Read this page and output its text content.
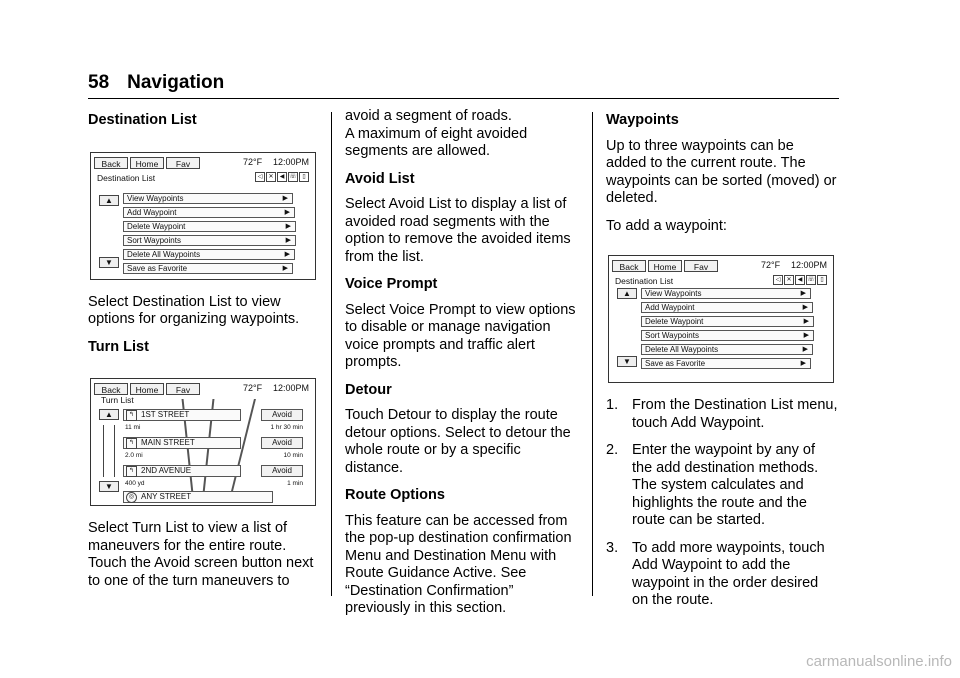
58 Navigation
Destination List
Back	Home	Fav	72°F 12:00PM
Destination List	◁	✕	◀ ☏ ▯
▲
▼
View Waypoints	▶
Add Waypoint	▶
Delete Waypoint	▶
Sort Waypoints	▶
Delete All Waypoints	▶
Save as Favorite	▶

Select Destination List to view options for organizing waypoints.

Turn List
Back	Home	Fav	72°F 12:00PM
Turn List
▲
▼
↰ 1ST STREET	Avoid
11 mi	1 hr 30 min
↰ MAIN STREET	Avoid
2.0 mi	10 min
↰ 2ND AVENUE	Avoid
400 yd	1 min
◎ ANY STREET

Select Turn List to view a list of maneuvers for the entire route. Touch the Avoid screen button next to one of the turn maneuvers to

avoid a segment of roads.

A maximum of eight avoided segments are allowed.

Avoid List

Select Avoid List to display a list of avoided road segments with the option to remove the avoided items from the list.

Voice Prompt

Select Voice Prompt to view options to disable or manage navigation voice prompts and traffic alert prompts.

Detour

Touch Detour to display the route detour options. Select to detour the whole route or by a specific distance.

Route Options

This feature can be accessed from the pop-up destination confirmation Menu and Destination Menu with Route Guidance Active. See “Destination Confirmation” previously in this section.

Waypoints

Up to three waypoints can be added to the current route. The waypoints can be sorted (moved) or deleted.

To add a waypoint:

Back	Home	Fav	72°F 12:00PM
Destination List	◁	✕	◀ ☏ ▯
▲
▼
View Waypoints	▶
Add Waypoint	▶
Delete Waypoint	▶
Sort Waypoints	▶
Delete All Waypoints	▶
Save as Favorite	▶
1. From the Destination List menu, touch Add Waypoint.
2. Enter the waypoint by any of the add destination methods. The system calculates and highlights the route and the route can be started.
3. To add more waypoints, touch Add Waypoint to add the waypoint in the order desired on the route.
carmanualsonline.info
